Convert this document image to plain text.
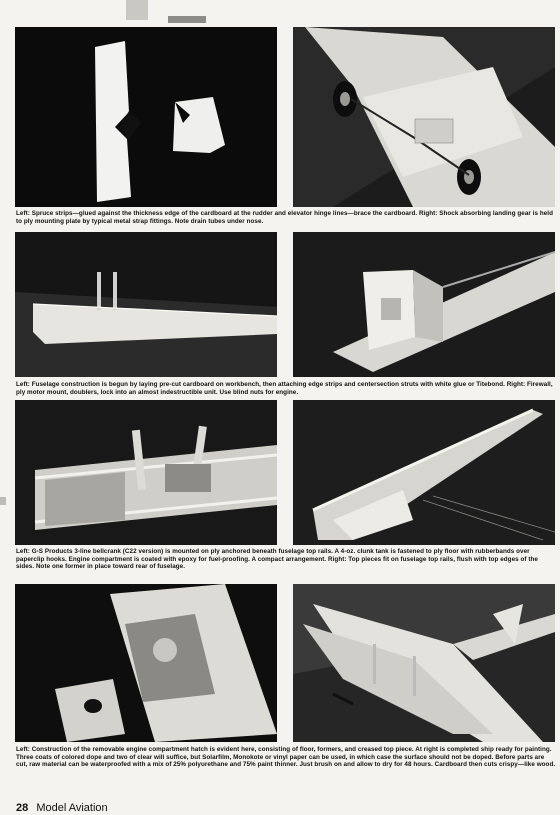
Left: Spruce strips—glued against the thickness edge of the cardboard at the rudder and elevator hinge lines—brace the cardboard. Right: Shock absorbing landing gear is held to ply mounting plate by typical metal strap fittings. Note drain tubes under nose.
Left: Fuselage construction is begun by laying pre-cut cardboard on workbench, then attaching edge strips and centersection struts with white glue or Titebond. Right: Firewall, ply motor mount, doublers, lock into an almost indestructible unit. Use blind nuts for engine.
Left: G-S Products 3-line bellcrank (C22 version) is mounted on ply anchored beneath fuselage top rails. A 4-oz. clunk tank is fastened to ply floor with rubberbands over paperclip hooks. Engine compartment is coated with epoxy for fuel-proofing. A compact arrangement. Right: Top pieces fit on fuselage top rails, flush with top edges of the sides. Note one former in place toward rear of fuselage.
Left: Construction of the removable engine compartment hatch is evident here, consisting of floor, formers, and creased top piece. At right is completed ship ready for painting. Three coats of colored dope and two of clear will suffice, but Solarfilm, Monokote or vinyl paper can be used, in which case the surface should not be doped. Before parts are cut, raw material can be waterproofed with a mix of 25% polyurethane and 75% paint thinner. Just brush on and allow to dry for 48 hours. Cardboard then cuts crispy—like wood.
28 Model Aviation
